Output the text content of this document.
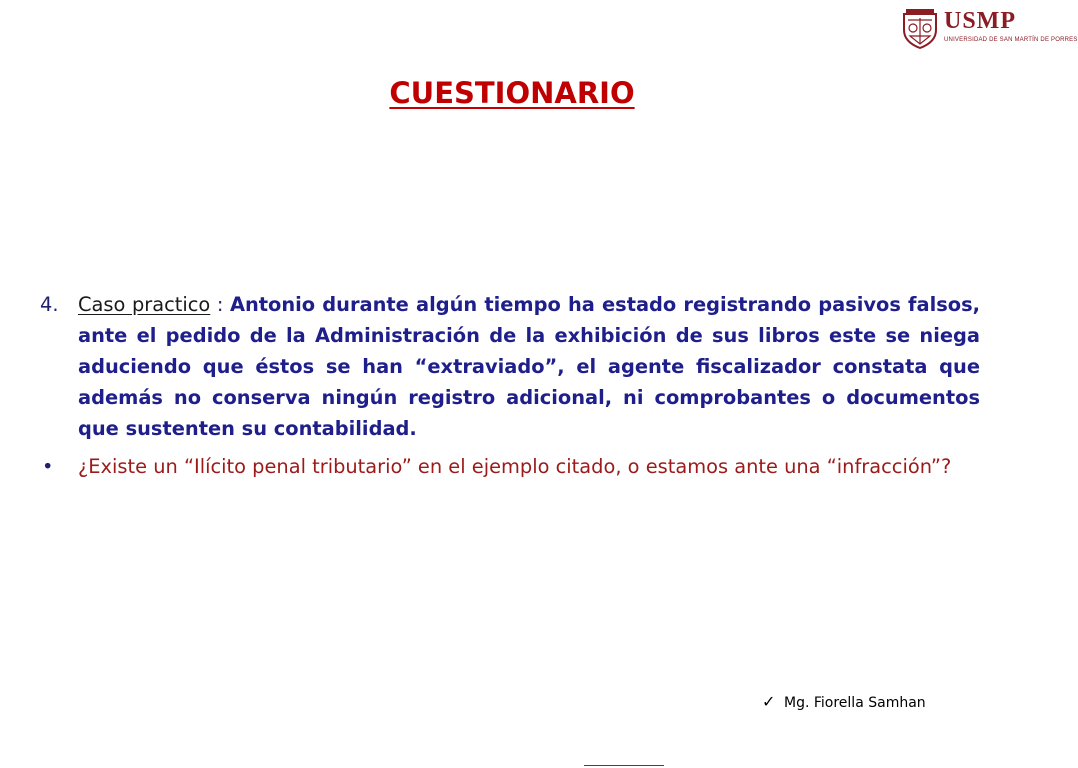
USMP
UNIVERSIDAD DE SAN MARTÍN DE PORRES
CUESTIONARIO

4. Caso practico : Antonio durante algún tiempo ha estado registrando pasivos falsos, ante el pedido de la Administración de la exhibición de sus libros este se niega aduciendo que éstos se han “extraviado”, el agente fiscalizador constata que además no conserva ningún registro adicional, ni comprobantes o documentos que sustenten su contabilidad.

• ¿Existe un “Ilícito penal tributario” en el ejemplo citado, o estamos ante una “infracción”?

✓ Mg. Fiorella Samhan
